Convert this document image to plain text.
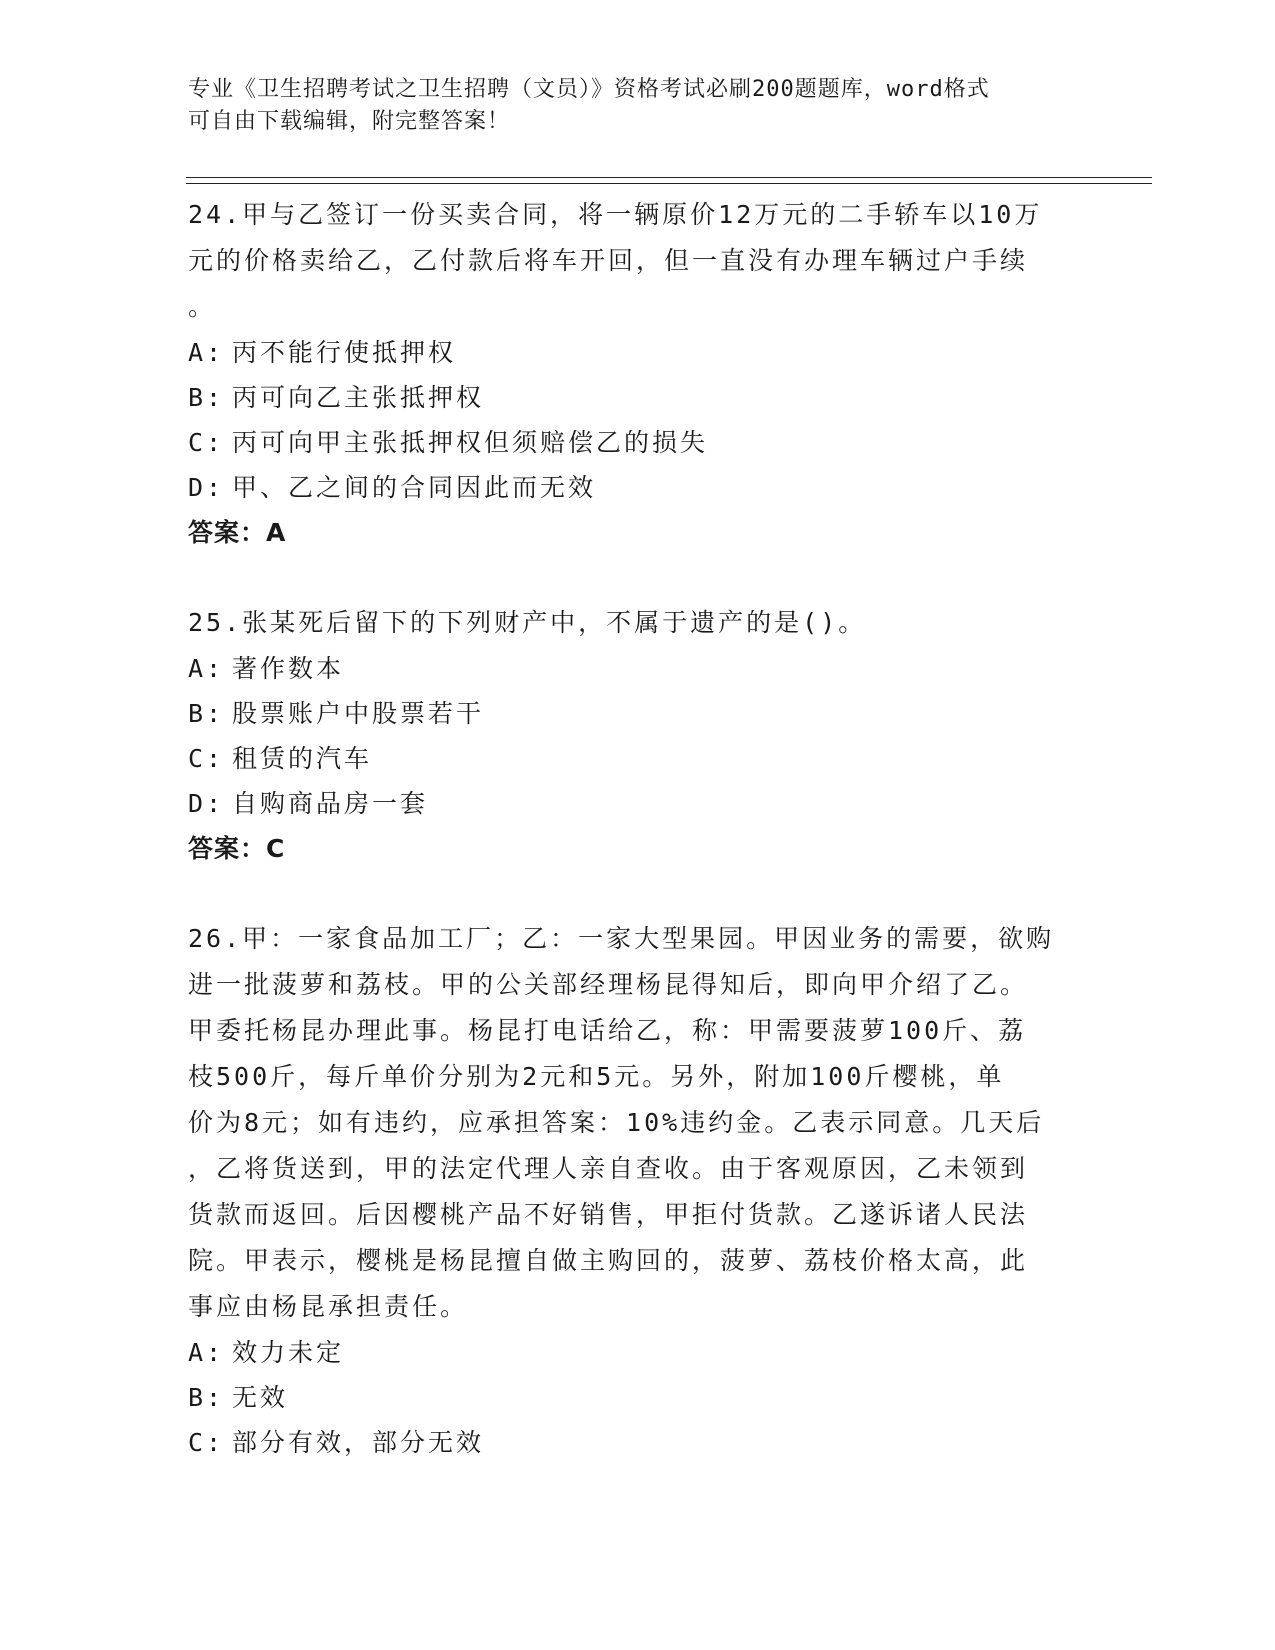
专业《卫生招聘考试之卫生招聘（文员）》资格考试必刷200题题库，word格式
可自由下载编辑，附完整答案！

24.甲与乙签订一份买卖合同，将一辆原价12万元的二手轿车以10万

元的价格卖给乙，乙付款后将车开回，但一直没有办理车辆过户手续

。

A: 丙不能行使抵押权

B: 丙可向乙主张抵押权

C: 丙可向甲主张抵押权但须赔偿乙的损失

D: 甲、乙之间的合同因此而无效

答案：A

25.张某死后留下的下列财产中，不属于遗产的是()。

A: 著作数本

B: 股票账户中股票若干

C: 租赁的汽车

D: 自购商品房一套

答案：C

26.甲：一家食品加工厂；乙：一家大型果园。甲因业务的需要，欲购

进一批菠萝和荔枝。甲的公关部经理杨昆得知后，即向甲介绍了乙。

甲委托杨昆办理此事。杨昆打电话给乙，称：甲需要菠萝100斤、荔

枝500斤，每斤单价分别为2元和5元。另外，附加100斤樱桃，单

价为8元；如有违约，应承担答案：10%违约金。乙表示同意。几天后

，乙将货送到，甲的法定代理人亲自查收。由于客观原因，乙未领到

货款而返回。后因樱桃产品不好销售，甲拒付货款。乙遂诉诸人民法

院。甲表示，樱桃是杨昆擅自做主购回的，菠萝、荔枝价格太高，此

事应由杨昆承担责任。

A: 效力未定

B: 无效

C: 部分有效，部分无效
